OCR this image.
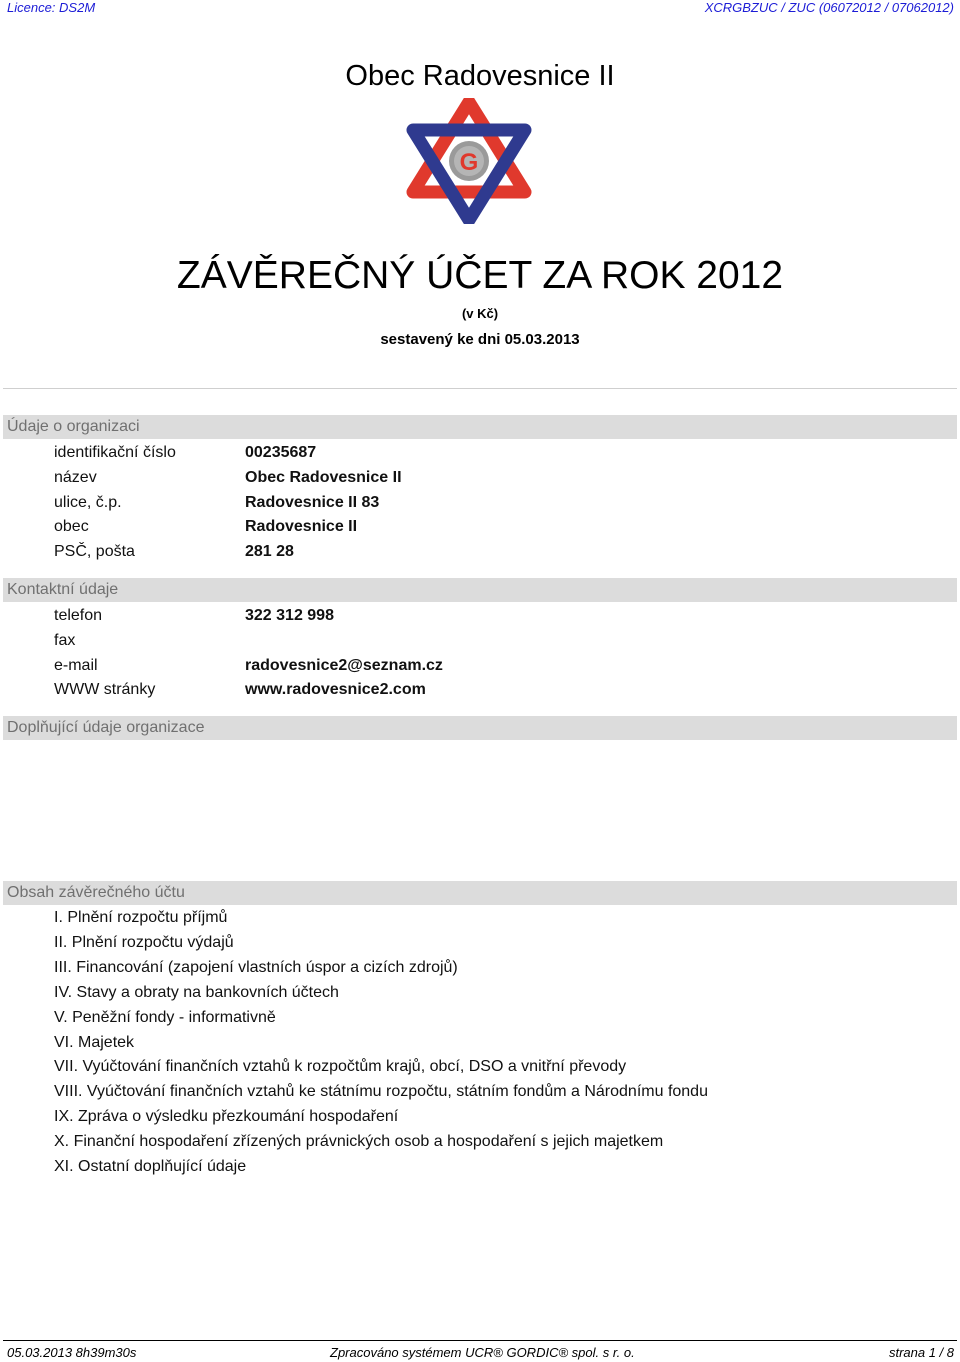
Licence: DS2M	XCRGBZUC / ZUC (06072012 / 07062012)
Obec Radovesnice II
G
ZÁVĚREČNÝ ÚČET ZA ROK 2012
(v Kč)
sestavený ke dni 05.03.2013
Údaje o organizaci
identifikační číslo	00235687
název	Obec Radovesnice II
ulice, č.p.	Radovesnice II 83
obec	Radovesnice II
PSČ, pošta	281 28
Kontaktní údaje
telefon	322 312 998
fax
e-mail	radovesnice2@seznam.cz
WWW stránky	www.radovesnice2.com
Doplňující údaje organizace
Obsah závěrečného účtu
I. Plnění rozpočtu příjmů
II. Plnění rozpočtu výdajů
III. Financování (zapojení vlastních úspor a cizích zdrojů)
IV. Stavy a obraty na bankovních účtech
V. Peněžní fondy - informativně
VI. Majetek
VII. Vyúčtování finančních vztahů k rozpočtům krajů, obcí, DSO a vnitřní převody
VIII. Vyúčtování finančních vztahů ke státnímu rozpočtu, státním fondům a Národnímu fondu
IX. Zpráva o výsledku přezkoumání hospodaření
X. Finanční hospodaření zřízených právnických osob a hospodaření s jejich majetkem
XI. Ostatní doplňující údaje
05.03.2013 8h39m30s	Zpracováno systémem UCR® GORDIC® spol. s r. o.	strana 1 / 8
